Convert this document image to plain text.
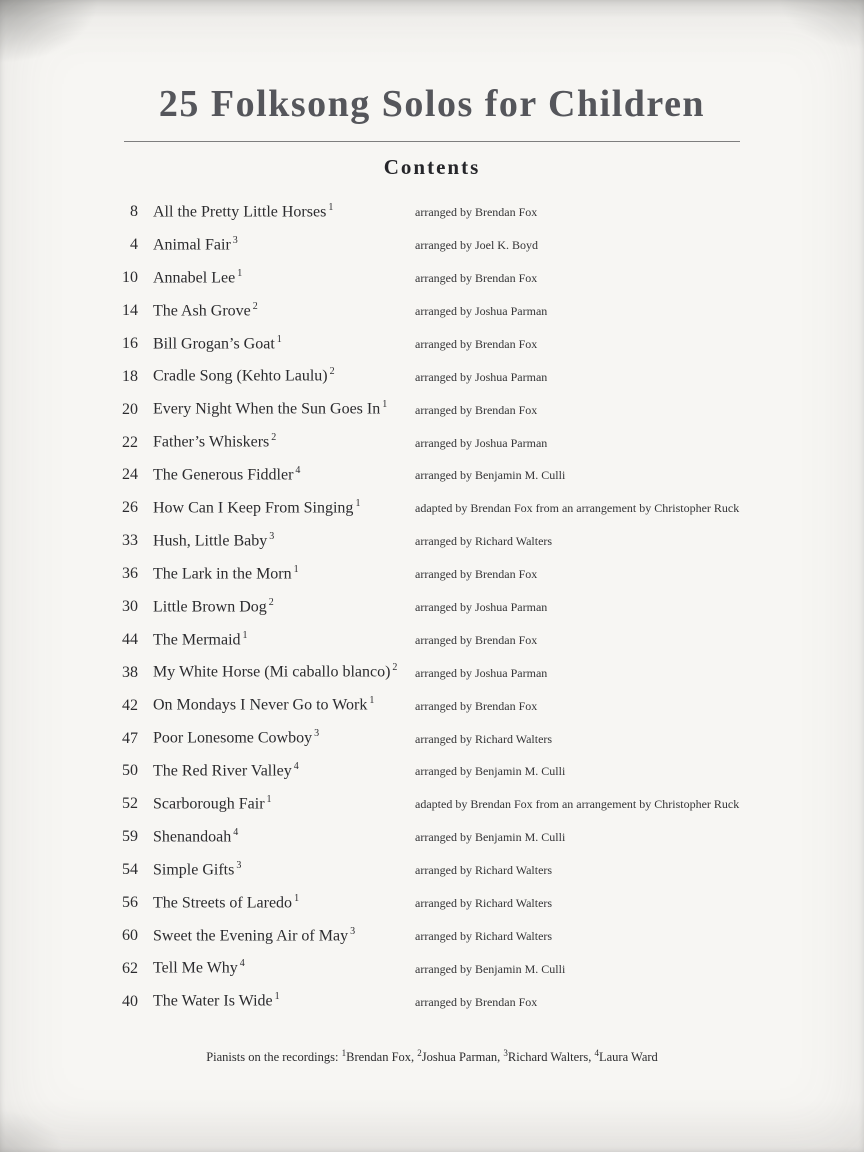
25 Folksong Solos for Children
Contents
8 All the Pretty Little Horses $^1$	arranged by Brendan Fox
4 Animal Fair $^3$	arranged by Joel K. Boyd
10 Annabel Lee $^1$	arranged by Brendan Fox
14 The Ash Grove $^2$	arranged by Joshua Parman
16 Bill Grogan’s Goat $^1$	arranged by Brendan Fox
18 Cradle Song (Kehto Laulu) $^2$	arranged by Joshua Parman
20 Every Night When the Sun Goes In $^1$	arranged by Brendan Fox
22 Father’s Whiskers $^2$	arranged by Joshua Parman
24 The Generous Fiddler $^4$	arranged by Benjamin M. Culli
26 How Can I Keep From Singing $^1$	adapted by Brendan Fox from an arrangement by Christopher Ruck
33 Hush, Little Baby $^3$	arranged by Richard Walters
36 The Lark in the Morn $^1$	arranged by Brendan Fox
30 Little Brown Dog $^2$	arranged by Joshua Parman
44 The Mermaid $^1$	arranged by Brendan Fox
38 My White Horse (Mi caballo blanco) $^2$	arranged by Joshua Parman
42 On Mondays I Never Go to Work $^1$	arranged by Brendan Fox
47 Poor Lonesome Cowboy $^3$	arranged by Richard Walters
50 The Red River Valley $^4$	arranged by Benjamin M. Culli
52 Scarborough Fair $^1$	adapted by Brendan Fox from an arrangement by Christopher Ruck
59 Shenandoah $^4$	arranged by Benjamin M. Culli
54 Simple Gifts $^3$	arranged by Richard Walters
56 The Streets of Laredo $^1$	arranged by Richard Walters
60 Sweet the Evening Air of May $^3$	arranged by Richard Walters
62 Tell Me Why $^4$	arranged by Benjamin M. Culli
40 The Water Is Wide $^1$	arranged by Brendan Fox
Pianists on the recordings: $^1$Brendan Fox, $^2$Joshua Parman, $^3$Richard Walters, $^4$Laura Ward
